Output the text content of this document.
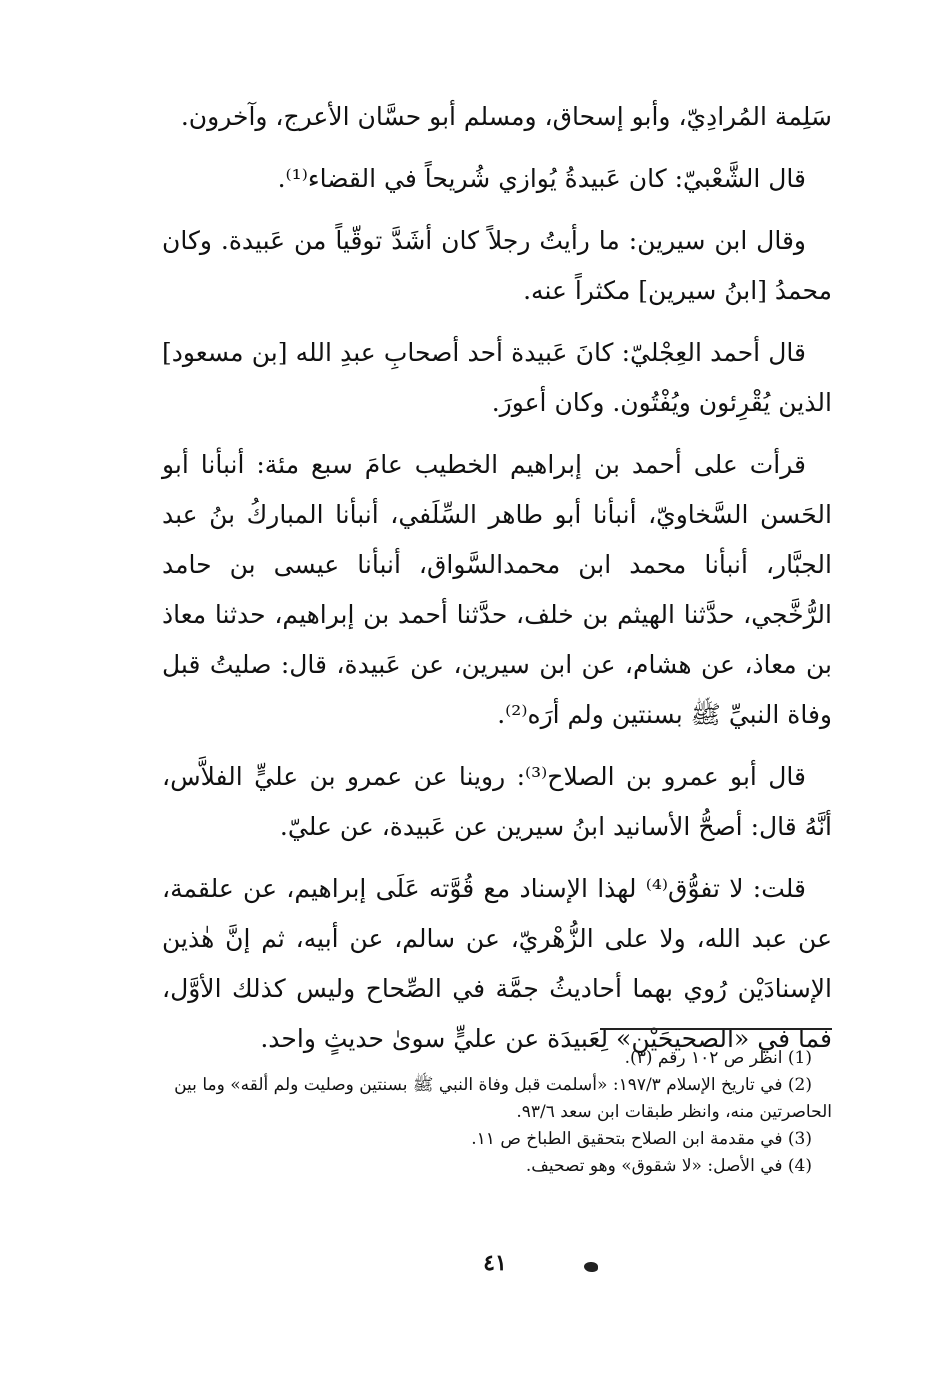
سَلِمة المُرادِيّ، وأبو إسحاق، ومسلم أبو حسَّان الأعرج، وآخرون.

قال الشَّعْبيّ: كان عَبيدةُ يُوازي شُريحاً في القضاء⁽¹⁾.

وقال ابن سيرين: ما رأيتُ رجلاً كان أشَدَّ توقّياً من عَبيدة. وكان محمدُ [ابنُ سيرين] مكثراً عنه.

قال أحمد العِجْليّ: كانَ عَبيدة أحد أصحابِ عبدِ الله [بن مسعود] الذين يُقْرِئون ويُفْتُون. وكان أعورَ.

قرأت على أحمد بن إبراهيم الخطيب عامَ سبع مئة: أنبأنا أبو الحَسن السَّخاويّ، أنبأنا أبو طاهر السِّلَفي، أنبأنا المباركُ بنُ عبد الجبَّار، أنبأنا محمد ابن محمدالسَّواق، أنبأنا عيسى بن حامد الرُّخَّجي، حدَّثنا الهيثم بن خلف، حدَّثنا أحمد بن إبراهيم، حدثنا معاذ بن معاذ، عن هشام، عن ابن سيرين، عن عَبيدة، قال: صليتُ قبل وفاة النبيِّ ﷺ بسنتين ولم أرَه⁽²⁾.

قال أبو عمرو بن الصلاح⁽³⁾: روينا عن عمرو بن عليٍّ الفلاَّس، أنَّهُ قال: أصحُّ الأسانيد ابنُ سيرين عن عَبيدة، عن عليّ.

قلت: لا تفوُّق⁽⁴⁾ لهذا الإسناد مع قُوَّته عَلَى إبراهيم، عن علقمة، عن عبد الله، ولا على الزُّهْريّ، عن سالم، عن أبيه، ثم إنَّ هٰذين الإسنادَيْن رُوي بهما أحاديثُ جمَّة في الصِّحاح وليس كذلك الأوَّل، فما في «الصحيحَيْن» لِعَبيدَة عن عليٍّ سوىٰ حديثٍ واحد.

(1) انظر ص ١٠٢ رقم (٣).

(2) في تاريخ الإسلام ١٩٧/٣: «أسلمت قبل وفاة النبي ﷺ بسنتين وصليت ولم ألقه» وما بين الحاصرتين منه، وانظر طبقات ابن سعد ٩٣/٦.

(3) في مقدمة ابن الصلاح بتحقيق الطباخ ص ١١.

(4) في الأصل: «لا شقوق» وهو تصحيف.

٤١
